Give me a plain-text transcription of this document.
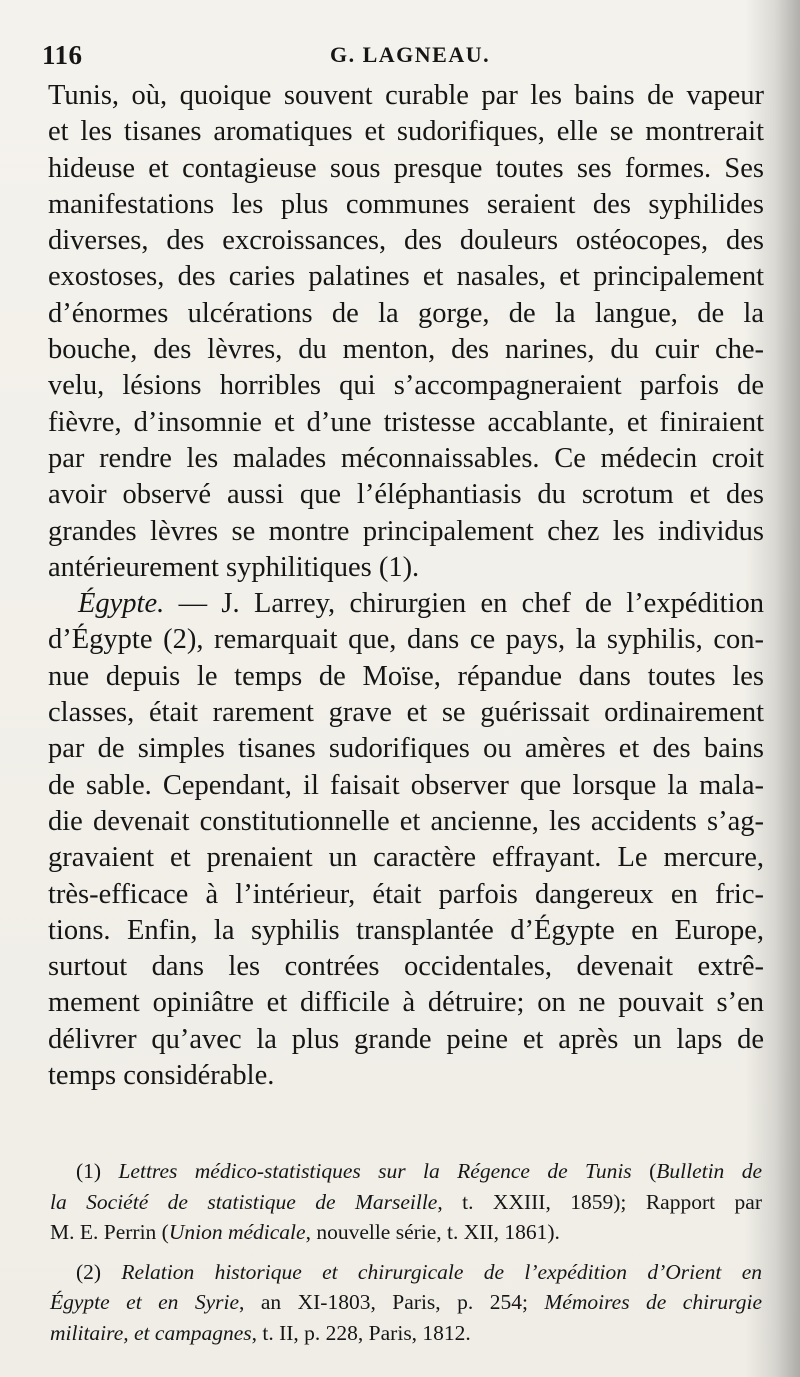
116	G. LAGNEAU.
Tunis, où, quoique souvent curable par les bains de vapeur
et les tisanes aromatiques et sudorifiques, elle se montrerait
hideuse et contagieuse sous presque toutes ses formes. Ses
manifestations les plus communes seraient des syphilides
diverses, des excroissances, des douleurs ostéocopes, des
exostoses, des caries palatines et nasales, et principalement
d’énormes ulcérations de la gorge, de la langue, de la
bouche, des lèvres, du menton, des narines, du cuir che-
velu, lésions horribles qui s’accompagneraient parfois de
fièvre, d’insomnie et d’une tristesse accablante, et finiraient
par rendre les malades méconnaissables. Ce médecin croit
avoir observé aussi que l’éléphantiasis du scrotum et des
grandes lèvres se montre principalement chez les individus
antérieurement syphilitiques (1).
Égypte. — J. Larrey, chirurgien en chef de l’expédition
d’Égypte (2), remarquait que, dans ce pays, la syphilis, con-
nue depuis le temps de Moïse, répandue dans toutes les
classes, était rarement grave et se guérissait ordinairement
par de simples tisanes sudorifiques ou amères et des bains
de sable. Cependant, il faisait observer que lorsque la mala-
die devenait constitutionnelle et ancienne, les accidents s’ag-
gravaient et prenaient un caractère effrayant. Le mercure,
très-efficace à l’intérieur, était parfois dangereux en fric-
tions. Enfin, la syphilis transplantée d’Égypte en Europe,
surtout dans les contrées occidentales, devenait extrê-
mement opiniâtre et difficile à détruire; on ne pouvait s’en
délivrer qu’avec la plus grande peine et après un laps de
temps considérable.
(1) Lettres médico-statistiques sur la Régence de Tunis (Bulletin de
la Société de statistique de Marseille, t. XXIII, 1859); Rapport par
M. E. Perrin (Union médicale, nouvelle série, t. XII, 1861).
(2) Relation historique et chirurgicale de l’expédition d’Orient en
Égypte et en Syrie, an XI-1803, Paris, p. 254; Mémoires de chirurgie
militaire, et campagnes, t. II, p. 228, Paris, 1812.
